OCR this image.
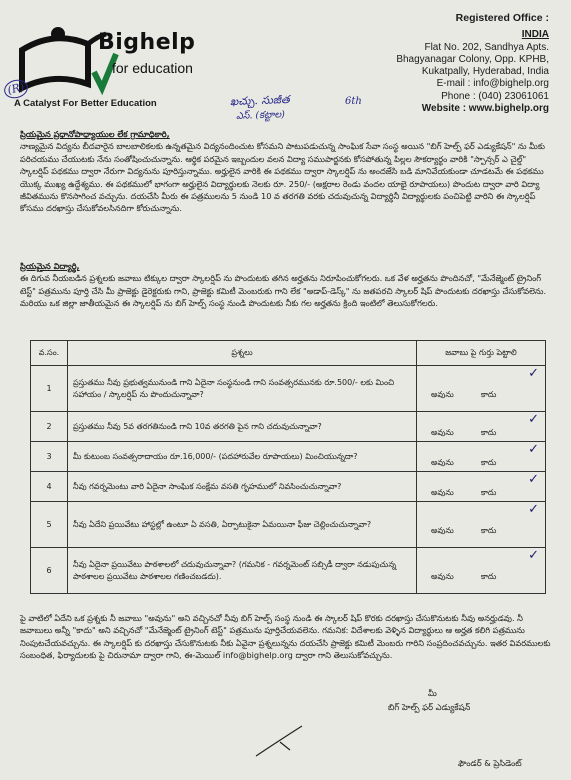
Bighelp
for education
(R)
A Catalyst For Better Education	ఖచ్చు. సుజీత	6th
ఎస్. (కట్టాల)
Registered Office :
INDIA
Flat No. 202, Sandhya Apts.
Bhagyanagar Colony, Opp. KPHB,
Kukatpally, Hyderabad, India
E-mail : info@bighelp.org
Phone : (040) 23061061
Website : www.bighelp.org
ప్రియమైన ప్రధానోపాధ్యాయుల లేక గ్రామాధికారి,
నాణ్యమైన విద్యను బీదవారైన బాలబాలికలకు ఉన్నతమైన విద్యనందించుట కోసమని పాటుపడుచున్న సాంఘిక సేవా సంస్థ అయిన "బిగ్ హెల్ప్ ఫర్ ఎడ్యుకేషన్" ను మీకు పరిచయము చేయుటకు నేను సంతోషించుచున్నాను. ఆర్థిక పరమైన ఇబ్బందుల వలన విద్యా సముపార్జనకు కోసపోతున్న పిల్లల సౌకర్యార్థం వారికి "స్పాన్సర్ ఎ చైల్డ్" స్కాలర్షిప్ పథకము ద్వారా నేరుగా విద్యనును పూరిస్తున్నాము. అర్హులైన వారికి ఈ పథకము ద్వారా స్కాలర్షిప్ ను అందజేసి బడి మానివేయకుండా చూడటమే ఈ పథకము యొక్క ముఖ్య ఉద్దేశ్యము. ఈ పథకములో భాగంగా అర్హులైన విద్యార్థులకు నెలకు రూ. 250/- (అక్షరాల రెండు వందల యాభై రూపాయలు) పొందుట ద్వారా వారి విద్యా జీవితమును కొనసాగించ వచ్చును. దయచేసి మీరు ఈ పత్రములను 5 నుండి 10 వ తరగతి వరకు చదువుచున్న విద్యార్థినీ విద్యార్థులకు పంచిపెట్టి వారిని ఈ స్కాలర్షిప్ కోసము దరఖాస్తు చేసుకోవలసినదిగా కోరుచున్నాను.
ప్రియమైన విద్యార్థి,
ఈ దిగువ నీయబడిన ప్రశ్నలకు జవాబు టిక్కుల ద్వారా స్కాలర్షిప్ ను పొందుటకు తగిన అర్హతను నిరూపించుకోగలరు. ఒక వేళ అర్హతను పొందినచో, "మేనేజ్మెంట్ ట్రైనింగ్ టెస్ట్" పత్రమును పూర్తి చేసి మీ ప్రాజెక్టు డైరెక్టరుకు గాని, ప్రాజెక్టు కమిటీ మెంబరుకు గాని లేక "అడాప్-డెస్క్" ను జతపరచి స్కాలర్ షిప్ పొందుటకు దరఖాస్తు చేసుకోవలెను. మరియు ఒక జిల్లా జాతీయమైన ఈ స్కాలర్షిప్ ను బిగ్ హెల్ప్ సంస్థ నుండి పొందుటకు నీకు గల అర్హతను క్రింది ఇంటిలో తెలుసుకోగలరు.
వ.సం.	ప్రశ్నలు	జవాబు పై గుర్తు పెట్టాలి
1	ప్రస్తుతము నీవు ప్రభుత్వమునుండి గాని ఏదైనా సంస్థనుండి గాని సంవత్సరమునకు రూ.500/- లకు మించి సహాయం / స్కాలర్షిప్ ను పొందుచున్నావా?	అవును కాదు
✓

2	ప్రస్తుతము నీవు 5వ తరగతినుండి గాని 10వ తరగతి పైన గాని చదువుచున్నావా?	అవును కాదు
✓

3	మీ కుటుంబ సంవత్సరాదాయం రూ.16,000/- (పదహారువేల రూపాయలు) మించియున్నదా?	అవును కాదు
✓

4	నీవు గవర్నమెంటు వారి ఏదైనా సాంఘిక సంక్షేమ వసతి గృహములో నివసించుచున్నావా?	అవును కాదు
✓

5	నీవు ఏదేని ప్రయివేటు హాస్టల్లో ఉంటూ ఏ వసతి, ఏర్పాటుకైనా ఏమయినా ఫీజు చెల్లించుచున్నావా?	అవును కాదు
✓

6	నీవు ఏదైనా ప్రయివేటు పాఠశాలలో చదువుచున్నావా? (గమనిక - గవర్నమెంట్ సబ్సిడీ ద్వారా నడుపుచున్న పాఠశాలల ప్రయివేటు పాఠశాలల గణించబడదు).	అవును కాదు
✓
పై వాటిలో ఏదేని ఒక ప్రశ్నకు నీ జవాబు "అవును" అని వచ్చినచో నీవు బిగ్ హెల్ప్ సంస్థ నుండి ఈ స్కాలర్ షిప్ కొరకు దరఖాస్తు చేసుకొనుటకు నీవు అనర్హుడవు. నీ జవాబులు అన్నీ "కాదు" అని వచ్చినచో "మేనేజ్మెంట్ ట్రైనింగ్ టెస్ట్" పత్రమును పూర్తిచేయవలెను. గమనిక: విదేశాలకు వెళ్ళిన విద్యార్థులు ఆ అర్హత కలిగి పత్రమును నింపుటచేయవచ్చును. ఈ స్కాలర్షిప్ కు దరఖాస్తు చేసుకొనుటకు నీకు ఏవైనా ప్రశ్నలున్నను దయచేసి ప్రాజెక్టు కమిటీ మెంబరు గారిని సంప్రదించవచ్చును. ఇతర వివరములకు సంబంధిత, ఫిర్యాదులకు పై చిరునామా ద్వారా గాని, ఈ-మెయిల్ info@bighelp.org ద్వారా గాని తెలుసుకోవచ్చును.
మీ
బిగ్ హెల్ప్ ఫర్ ఎడ్యుకేషన్
ఫౌండర్ & ప్రెసిడెంట్
